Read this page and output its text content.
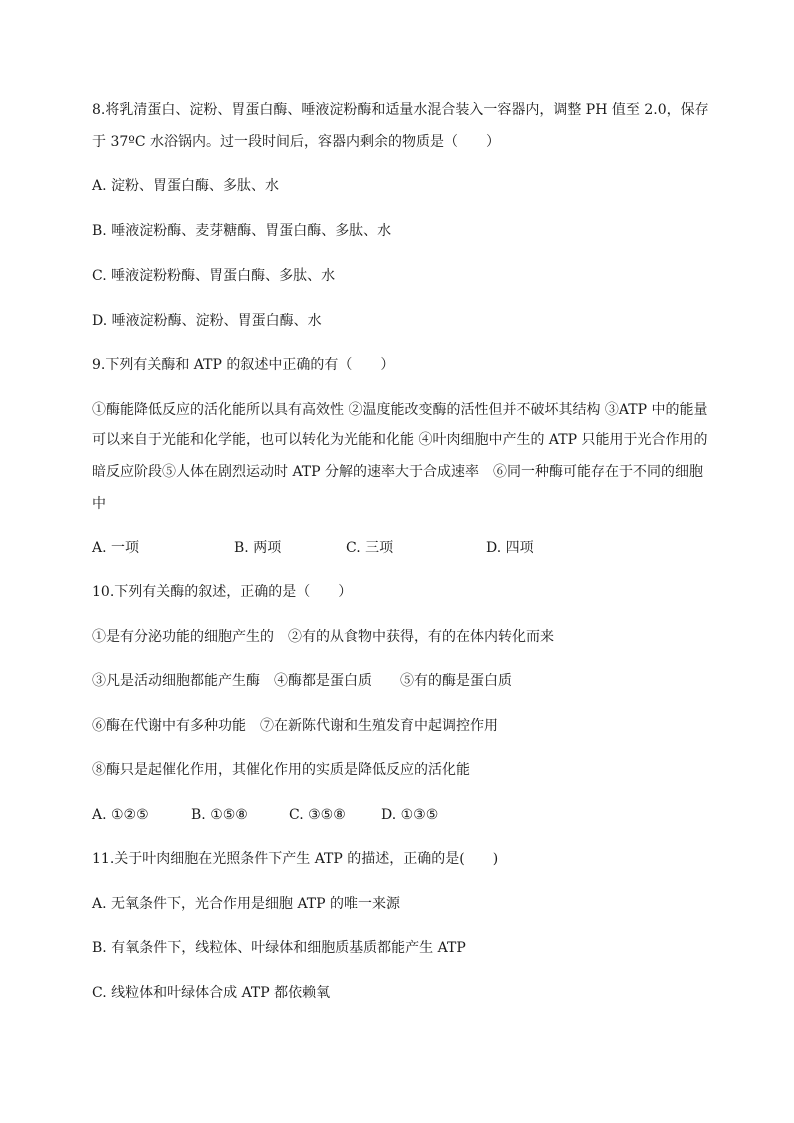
8.将乳清蛋白、淀粉、胃蛋白酶、唾液淀粉酶和适量水混合装入一容器内，调整 PH 值至 2.0，保存
于 37ºC 水浴锅内。过一段时间后，容器内剩余的物质是（　　）
A. 淀粉、胃蛋白酶、多肽、水
B. 唾液淀粉酶、麦芽糖酶、胃蛋白酶、多肽、水
C. 唾液淀粉粉酶、胃蛋白酶、多肽、水
D. 唾液淀粉酶、淀粉、胃蛋白酶、水
9.下列有关酶和 ATP 的叙述中正确的有（　　）
①酶能降低反应的活化能所以具有高效性 ②温度能改变酶的活性但并不破坏其结构 ③ATP 中的能量
可以来自于光能和化学能，也可以转化为光能和化能 ④叶肉细胞中产生的 ATP 只能用于光合作用的
暗反应阶段⑤人体在剧烈运动时 ATP 分解的速率大于合成速率　⑥同一种酶可能存在于不同的细胞
中
A. 一项	B. 两项	C. 三项	D. 四项
10.下列有关酶的叙述，正确的是（　　）
①是有分泌功能的细胞产生的　②有的从食物中获得，有的在体内转化而来
③凡是活动细胞都能产生酶　④酶都是蛋白质　　⑤有的酶是蛋白质
⑥酶在代谢中有多种功能　⑦在新陈代谢和生殖发育中起调控作用
⑧酶只是起催化作用，其催化作用的实质是降低反应的活化能
A. ①②⑤	B. ①⑤⑧	C. ③⑤⑧	D. ①③⑤
11.关于叶肉细胞在光照条件下产生 ATP 的描述，正确的是(　　)
A. 无氧条件下，光合作用是细胞 ATP 的唯一来源
B. 有氧条件下，线粒体、叶绿体和细胞质基质都能产生 ATP
C. 线粒体和叶绿体合成 ATP 都依赖氧
